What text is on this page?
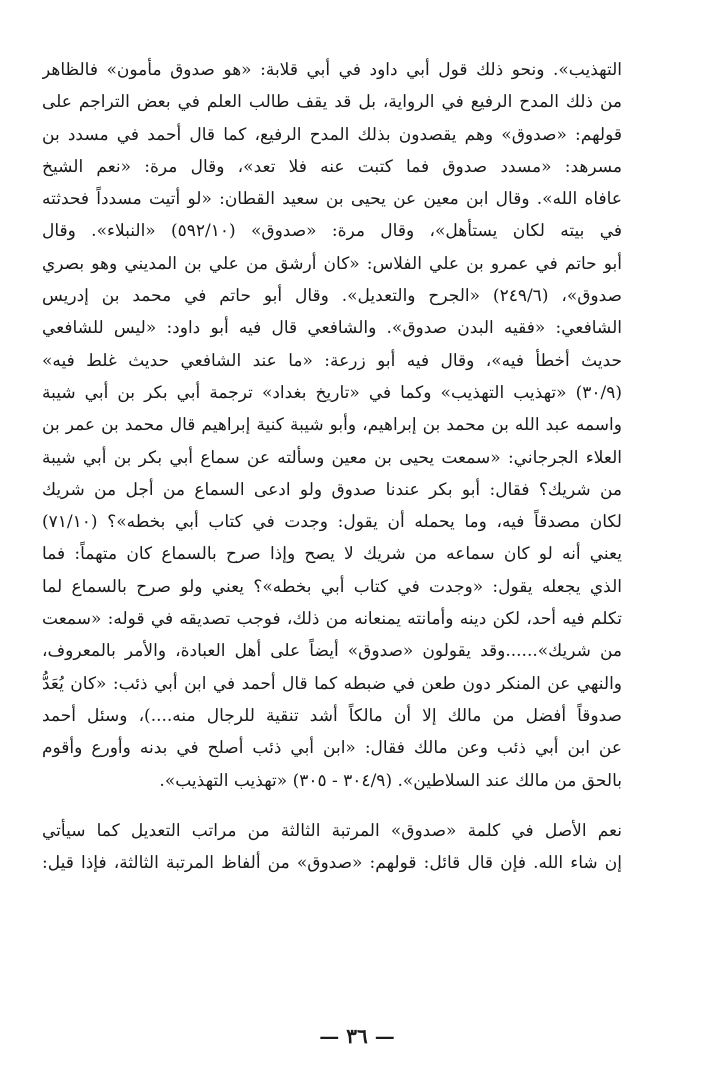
التهذيب». ونحو ذلك قول أبي داود في أبي قلابة: «هو صدوق مأمون» فالظاهر
من ذلك المدح الرفيع في الرواية، بل قد يقف طالب العلم في بعض التراجم على
قولهم: «صدوق» وهم يقصدون بذلك المدح الرفيع، كما قال أحمد في مسدد بن
مسرهد: «مسدد صدوق فما كتبت عنه فلا تعد»، وقال مرة: «نعم الشيخ
عافاه الله». وقال ابن معين عن يحيى بن سعيد القطان: «لو أتيت مسدداً فحدثته
في بيته لكان يستأهل»، وقال مرة: «صدوق» (٥٩٢/١٠) «النبلاء». وقال
أبو حاتم في عمرو بن علي الفلاس: «كان أرشق من علي بن المديني وهو بصري
صدوق»، (٢٤٩/٦) «الجرح والتعديل». وقال أبو حاتم في محمد بن إدريس
الشافعي: «فقيه البدن صدوق». والشافعي قال فيه أبو داود: «ليس للشافعي
حديث أخطأ فيه»، وقال فيه أبو زرعة: «ما عند الشافعي حديث غلط فيه»
(٣٠/٩) «تهذيب التهذيب» وكما في «تاريخ بغداد» ترجمة أبي بكر بن أبي شيبة
واسمه عبد الله بن محمد بن إبراهيم، وأبو شيبة كنية إبراهيم قال محمد بن عمر بن
العلاء الجرجاني: «سمعت يحيى بن معين وسألته عن سماع أبي بكر بن أبي شيبة
من شريك؟ فقال: أبو بكر عندنا صدوق ولو ادعى السماع من أجل من شريك
لكان مصدقاً فيه، وما يحمله أن يقول: وجدت في كتاب أبي بخطه»؟ (٧١/١٠)
يعني أنه لو كان سماعه من شريك لا يصح وإذا صرح بالسماع كان متهماً: فما
الذي يجعله يقول: «وجدت في كتاب أبي بخطه»؟ يعني ولو صرح بالسماع لما
تكلم فيه أحد، لكن دينه وأمانته يمنعانه من ذلك، فوجب تصديقه في قوله: «سمعت
من شريك»......وقد يقولون «صدوق» أيضاً على أهل العبادة، والأمر بالمعروف،
والنهي عن المنكر دون طعن في ضبطه كما قال أحمد في ابن أبي ذئب: «كان يُعَدُّ
صدوقاً أفضل من مالك إلا أن مالكاً أشد تنقية للرجال منه....)، وسئل أحمد
عن ابن أبي ذئب وعن مالك فقال: «ابن أبي ذئب أصلح في بدنه وأورع وأقوم
بالحق من مالك عند السلاطين». (٣٠٤/٩ - ٣٠٥) «تهذيب التهذيب».
نعم الأصل في كلمة «صدوق» المرتبة الثالثة من مراتب التعديل كما سيأتي
إن شاء الله. فإن قال قائل: قولهم: «صدوق» من ألفاظ المرتبة الثالثة، فإذا قيل:
— ٣٦ —
